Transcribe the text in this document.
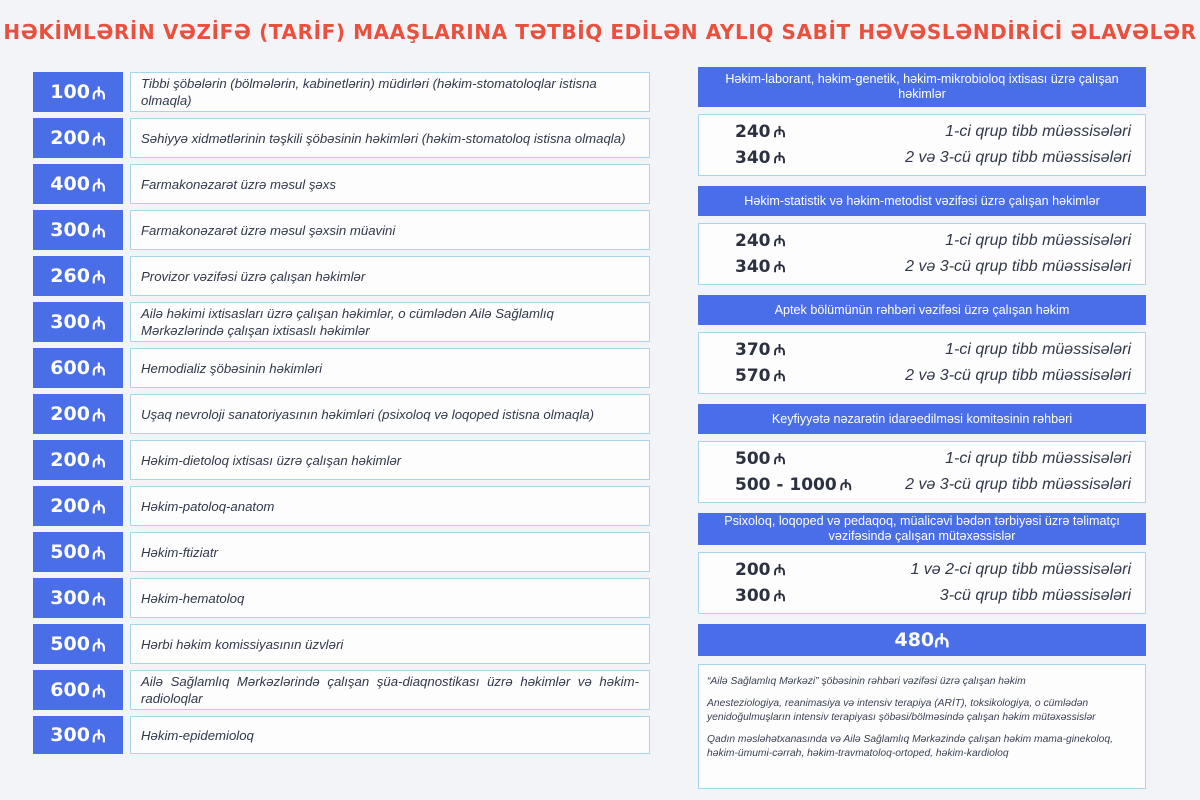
HƏKİMLƏRİN VƏZİFƏ (TARİF) MAAŞLARINA TƏTBİQ EDİLƏN AYLIQ SABİT HƏVƏSLƏNDİRİCİ ƏLAVƏLƏR
100 ₼	Tibbi şöbələrin (bölmələrin, kabinetlərin) müdirləri (həkim-stomatoloqlar istisna olmaqla)
200 ₼	Səhiyyə xidmətlərinin təşkili şöbəsinin həkimləri (həkim-stomatoloq istisna olmaqla)
400 ₼	Farmakonəzarət üzrə məsul şəxs
300 ₼	Farmakonəzarət üzrə məsul şəxsin müavini
260 ₼	Provizor vəzifəsi üzrə çalışan həkimlər
300 ₼	Ailə həkimi ixtisasları üzrə çalışan həkimlər, o cümlədən Ailə Sağlamlıq Mərkəzlərində çalışan ixtisaslı həkimlər
600 ₼	Hemodializ şöbəsinin həkimləri
200 ₼	Uşaq nevroloji sanatoriyasının həkimləri (psixoloq və loqoped istisna olmaqla)
200 ₼	Həkim-dietoloq ixtisası üzrə çalışan həkimlər
200 ₼	Həkim-patoloq-anatom
500 ₼	Həkim-ftiziatr
300 ₼	Həkim-hematoloq
500 ₼	Hərbi həkim komissiyasının üzvləri
600 ₼	Ailə Sağlamlıq Mərkəzlərində çalışan şüa-diaqnostikası üzrə həkimlər və həkim-radioloqlar
300 ₼	Həkim-epidemioloq
Həkim-laborant, həkim-genetik, həkim-mikrobioloq ixtisası üzrə çalışan həkimlər
240 ₼	1-ci qrup tibb müəssisələri
340 ₼	2 və 3-cü qrup tibb müəssisələri
Həkim-statistik və həkim-metodist vəzifəsi üzrə çalışan həkimlər
240 ₼	1-ci qrup tibb müəssisələri
340 ₼	2 və 3-cü qrup tibb müəssisələri
Aptek bölümünün rəhbəri vəzifəsi üzrə çalışan həkim
370 ₼	1-ci qrup tibb müəssisələri
570 ₼	2 və 3-cü qrup tibb müəssisələri
Keyfiyyətə nəzarətin idarəedilməsi komitəsinin rəhbəri
500 ₼	1-ci qrup tibb müəssisələri
500 - 1000 ₼	2 və 3-cü qrup tibb müəssisələri
Psixoloq, loqoped və pedaqoq, müalicəvi bədən tərbiyəsi üzrə təlimatçı vəzifəsində çalışan mütəxəssislər
200 ₼	1 və 2-ci qrup tibb müəssisələri
300 ₼	3-cü qrup tibb müəssisələri
480 ₼

“Ailə Sağlamlıq Mərkəzi” şöbəsinin rəhbəri vəzifəsi üzrə çalışan həkim

Anesteziologiya, reanimasiya və intensiv terapiya (ARİT), toksikologiya, o cümlədən yenidoğulmuşların intensiv terapiyası şöbəsi/bölməsində çalışan həkim mütəxəssislər

Qadın məsləhətxanasında və Ailə Sağlamlıq Mərkəzində çalışan həkim mama-ginekoloq, həkim-ümumi-cərrah, həkim-travmatoloq-ortoped, həkim-kardioloq
